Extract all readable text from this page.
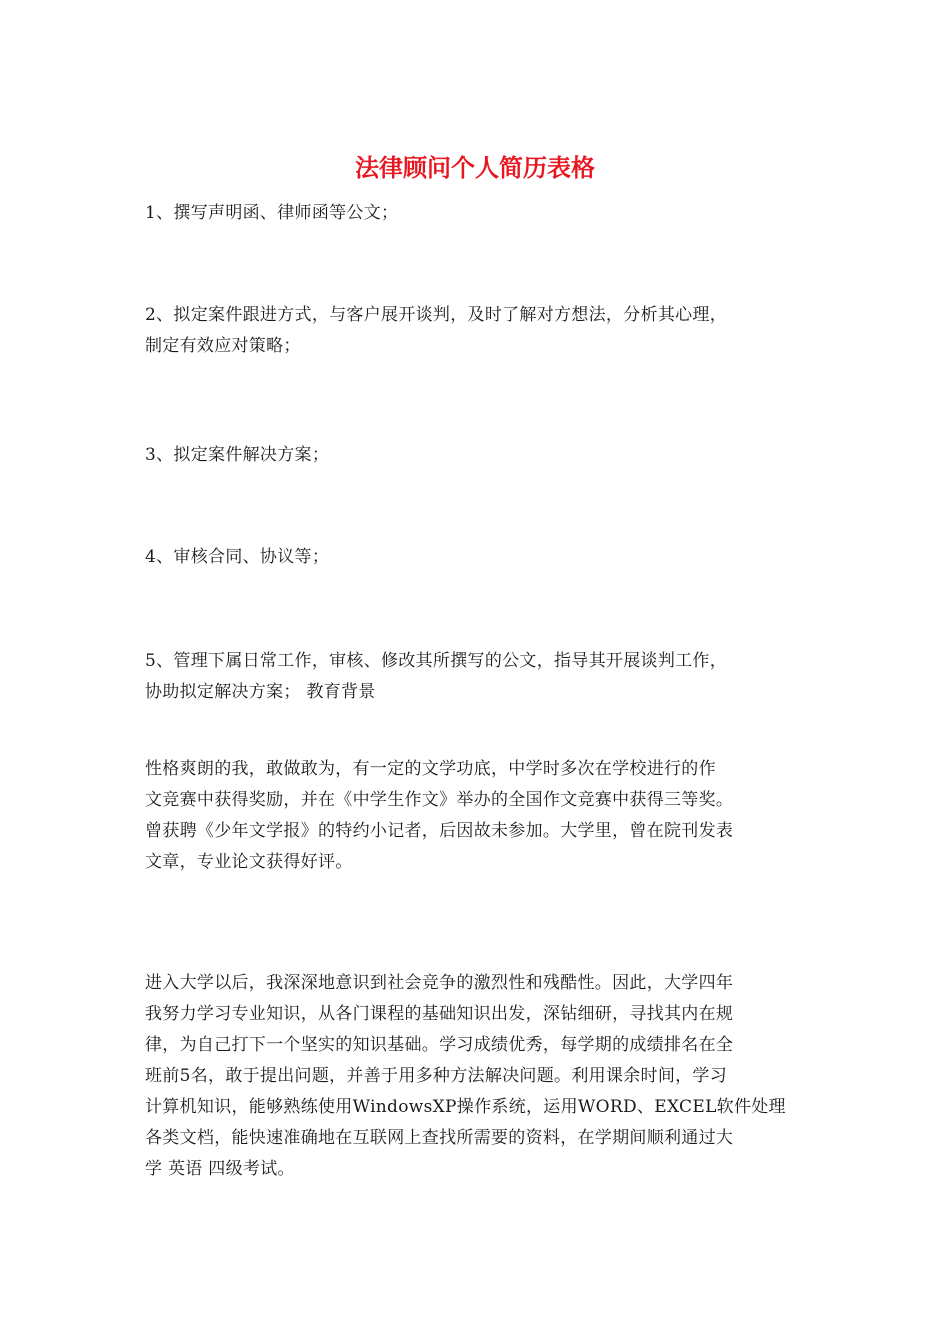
法律顾问个人简历表格
1、撰写声明函、律师函等公文；
2、拟定案件跟进方式，与客户展开谈判，及时了解对方想法，分析其心理，
制定有效应对策略；
3、拟定案件解决方案；
4、审核合同、协议等；
5、管理下属日常工作，审核、修改其所撰写的公文，指导其开展谈判工作，
协助拟定解决方案； 教育背景
性格爽朗的我，敢做敢为，有一定的文学功底，中学时多次在学校进行的作
文竞赛中获得奖励，并在《中学生作文》举办的全国作文竞赛中获得三等奖。
曾获聘《少年文学报》的特约小记者，后因故未参加。大学里，曾在院刊发表
文章，专业论文获得好评。
进入大学以后，我深深地意识到社会竞争的激烈性和残酷性。因此，大学四年
我努力学习专业知识，从各门课程的基础知识出发，深钻细研，寻找其内在规
律，为自己打下一个坚实的知识基础。学习成绩优秀，每学期的成绩排名在全
班前5名，敢于提出问题，并善于用多种方法解决问题。利用课余时间，学习
计算机知识，能够熟练使用WindowsXP操作系统，运用WORD、EXCEL软件处理
各类文档，能快速准确地在互联网上查找所需要的资料，在学期间顺利通过大
学 英语 四级考试。
